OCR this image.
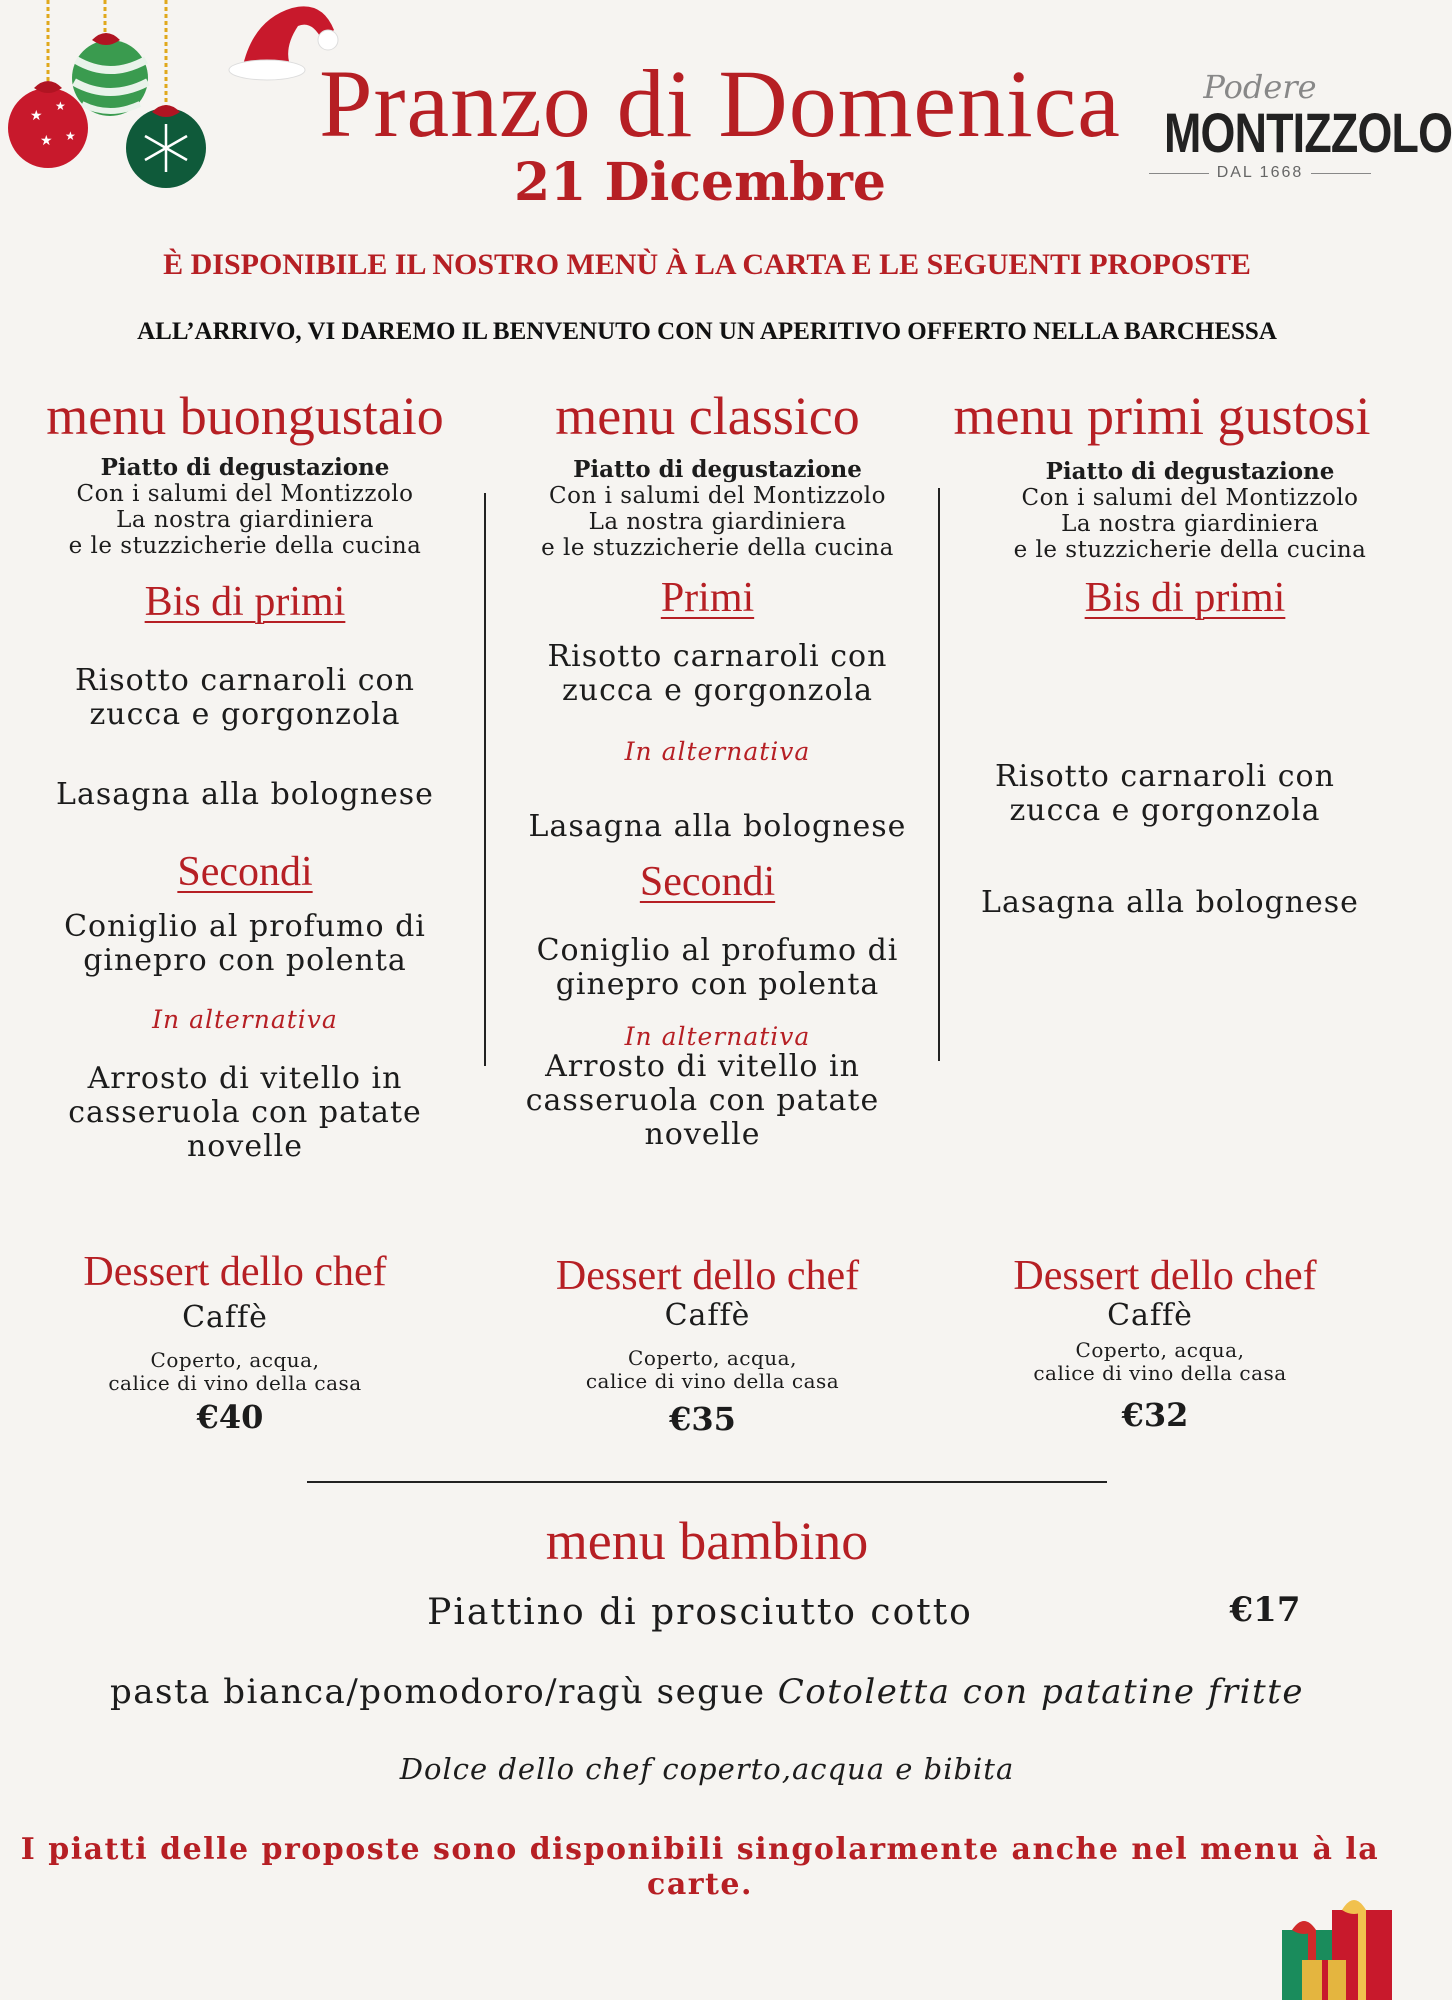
★
★
★ ★	Pranzo di Domenica
21 Dicembre
Podere
MONTIZZOLO
DAL 1668
È DISPONIBILE IL NOSTRO MENÙ À LA CARTA E LE SEGUENTI PROPOSTE
ALL’ARRIVO, VI DAREMO IL BENVENUTO CON UN APERITIVO OFFERTO NELLA BARCHESSA
menu buongustaio
Piatto di degustazione
Con i salumi del Montizzolo
La nostra giardiniera
e le stuzzicherie della cucina
Bis di primi
Risotto carnaroli con
zucca e gorgonzola
Lasagna alla bolognese
Secondi
Coniglio al profumo di
ginepro con polenta
In alternativa
Arrosto di vitello in
casseruola con patate
novelle
Dessert dello chef
Caffè
Coperto, acqua,
calice di vino della casa
€40
menu classico
Piatto di degustazione
Con i salumi del Montizzolo
La nostra giardiniera
e le stuzzicherie della cucina
Primi
Risotto carnaroli con
zucca e gorgonzola
In alternativa
Lasagna alla bolognese
Secondi
Coniglio al profumo di
ginepro con polenta
In alternativa
Arrosto di vitello in
casseruola con patate
novelle
Dessert dello chef
Caffè
Coperto, acqua,
calice di vino della casa
€35
menu primi gustosi
Piatto di degustazione
Con i salumi del Montizzolo
La nostra giardiniera
e le stuzzicherie della cucina
Bis di primi
Risotto carnaroli con
zucca e gorgonzola
Lasagna alla bolognese
Dessert dello chef
Caffè
Coperto, acqua,
calice di vino della casa
€32
menu bambino
Piattino di prosciutto cotto	€17
pasta bianca/pomodoro/ragù segue Cotoletta con patatine fritte
Dolce dello chef coperto,acqua e bibita
I piatti delle proposte sono disponibili singolarmente anche nel menu à la carte.
